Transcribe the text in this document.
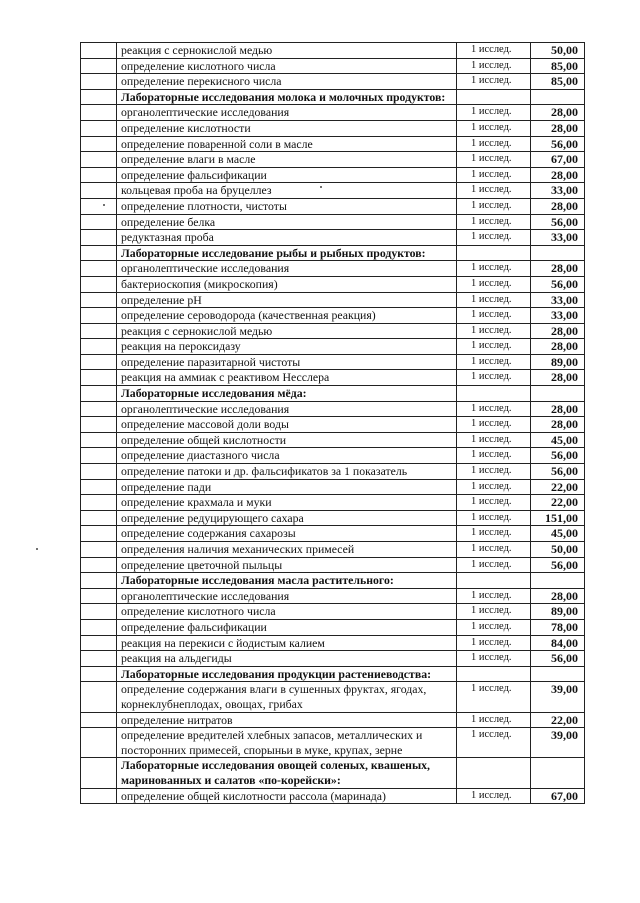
	реакция с сернокислой медью	1 исслед.	50,00
	определение кислотного числа	1 исслед.	85,00
	определение перекисного числа	1 исслед.	85,00
	Лабораторные исследования молока и молочных продуктов:		
	органолептические исследования	1 исслед.	28,00
	определение кислотности	1 исслед.	28,00
	определение поваренной соли в масле	1 исслед.	56,00
	определение влаги в масле	1 исслед.	67,00
	определение фальсификации	1 исслед.	28,00
	кольцевая проба на бруцеллез	1 исслед.	33,00
	определение плотности, чистоты	1 исслед.	28,00
	определение белка	1 исслед.	56,00
	редуктазная проба	1 исслед.	33,00
	Лабораторные исследование рыбы и рыбных продуктов:		
	органолептические исследования	1 исслед.	28,00
	бактериоскопия (микроскопия)	1 исслед.	56,00
	определение рН	1 исслед.	33,00
	определение сероводорода (качественная реакция)	1 исслед.	33,00
	реакция с сернокислой медью	1 исслед.	28,00
	реакция на пероксидазу	1 исслед.	28,00
	определение паразитарной чистоты	1 исслед.	89,00
	реакция на аммиак с реактивом Несслера	1 исслед.	28,00
	Лабораторные исследования мёда:		
	органолептические исследования	1 исслед.	28,00
	определение массовой доли воды	1 исслед.	28,00
	определение общей кислотности	1 исслед.	45,00
	определение диастазного числа	1 исслед.	56,00
	определение патоки и др. фальсификатов за 1 показатель	1 исслед.	56,00
	определение пади	1 исслед.	22,00
	определение крахмала и муки	1 исслед.	22,00
	определение редуцирующего сахара	1 исслед.	151,00
	определение содержания сахарозы	1 исслед.	45,00
	определения наличия механических примесей	1 исслед.	50,00
	определение цветочной пыльцы	1 исслед.	56,00
	Лабораторные исследования масла растительного:		
	органолептические исследования	1 исслед.	28,00
	определение кислотного числа	1 исслед.	89,00
	определение фальсификации	1 исслед.	78,00
	реакция на перекиси с йодистым калием	1 исслед.	84,00
	реакция на альдегиды	1 исслед.	56,00
	Лабораторные исследования продукции растениеводства:		
	определение содержания влаги в сушенных фруктах, ягодах, корнеклубнеплодах, овощах, грибах	1 исслед.	39,00
	определение нитратов	1 исслед.	22,00
	определение вредителей хлебных запасов, металлических и посторонних примесей, спорыньи в муке, крупах, зерне	1 исслед.	39,00
	Лабораторные исследования овощей соленых, квашеных, маринованных и салатов «по-корейски»:		
	определение общей кислотности рассола (маринада)	1 исслед.	67,00
